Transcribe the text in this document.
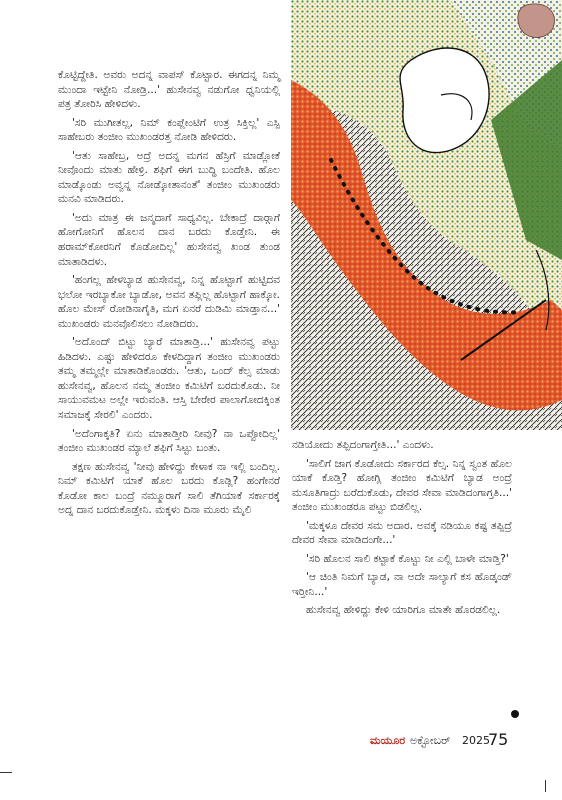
ಕೊಟ್ಟಿದ್ದೇತಿ. ಅವರು ಅದನ್ನ ವಾಪಸ್‌ ಕೊಟ್ಟಾರ. ಈಗದನ್ನ ನಿಮ್ಮ ಮುಂದಾ ಇಟ್ಟೇನಿ ನೋಡ್ರಿ...' ಹುಸೇನವ್ವ ನಡುಗೋ ಧ್ವನಿಯಲ್ಲಿ ಪತ್ರ ತೋರಿಸಿ ಹೇಳಿದಳು.

'ಸರಿ ಮುಗೀತಲ್ಲ, ನಿಮ್‌ ಕಂಪ್ಲೇಂಟಿಗೆ ಉತ್ರ ಸಿಕ್ತಿಲ್ಲ' ಎಸ್ಪಿ ಸಾಹೇಬರು ತಂಜೀಂ ಮುಖಂಡರತ್ತ ನೋಡಿ ಹೇಳಿದರು.

'ಆತು ಸಾಹೇಬ್ರ, ಅದ್ರೆ ಅದನ್ನ ಮಗನ ಹೆಸ್ರಿಗೆ ಮಾಡ್ಲೋಕೆ ನೀವೊಂದು ಮಾತು ಹೇಳ್ರಿ. ಶಫಿಗೆ ಈಗ ಬುದ್ಧಿ ಬಂದೇತಿ. ಹೊಲ ಮಾಡ್ಕೊಂಡು ಅವ್ವನ್ನ ನೋಡ್ಕೋತಾನಂತೆ' ತಂಜೀಂ ಮುಖಂಡರು ಮನವಿ ಮಾಡಿದರು.

'ಅದು ಮಾತ್ರ ಈ ಜನ್ಮದಾಗೆ ಸಾಧ್ಯವಿಲ್ಲ. ಬೇಕಾದ್ರೆ ದಾರ್‍ಗಾಗೆ ಹೋಗೋನಿಗೆ ಹೊಲನ ದಾನ ಬರದು ಕೊಡ್ತೇನಿ. ಈ ಹರಾಮ್‌ಕೋರನಿಗೆ ಕೊಡೋದಿಲ್ಲ' ಹುಸೇನವ್ವ ಖಂಡ ತುಂಡ ಮಾತಾಡಿದಳು.

'ಹಂಗಲ್ಲ ಹೇಳಬ್ಯಾಡ ಹುಸೇನವ್ವ, ನಿನ್ನ ಹೊಟ್ಟಾಗೆ ಹುಟ್ಟಿದವ ಭಲೋ ಇರಬ್ಯಾಕೋ ಬ್ಯಾಡೋ, ಅವನ ತಪ್ಲಿಲ್ಲ ಹೊಟ್ಟಾಗೆ ಹಾಕ್ಕೋ. ಹೊಲ ಮೇಸ್‌ ರೋಡಿನಾಗೈತಿ, ಮಗ ಏನರೆ ದುಡಿಮಿ ಮಾಡ್ತಾನ...' ಮುಖಂಡರು ಮನವೊಲಿಸಲು ನೋಡಿದರು.

'ಅದೊಂದ್‌ ಬಿಟ್ಟು ಬ್ಯಾರೆ ಮಾತಾಡ್ರಿ...' ಹುಸೇನವ್ವ ಪಟ್ಟು ಹಿಡಿದಳು. ಎಷ್ಟು ಹೇಳಿದರೂ ಕೇಳದಿದ್ದಾಗ ತಂಜೀಂ ಮುಖಂಡರು ತಮ್ಮ ತಮ್ಮಲ್ಲೇ ಮಾತಾಡಿಕೊಂಡರು. 'ಆತು, ಒಂದ್‌ ಕೆಲ್ಸ ಮಾಡು ಹುಸೇನವ್ವ, ಹೊಲನ ನಮ್ಮ ತಂಜೀಂ ಕಮಿಟಿಗೆ ಬರದುಕೊಡು. ನೀ ಸಾಯುವಮಟ ಅಲ್ಲೇ ಇರುವಂತಿ. ಆಸ್ತಿ ಬೇರೇರ ಪಾಲಾಗೋದಕ್ಕಿಂತ ಸಮಾಜಕ್ಕೆ ಸೇರಲಿ' ಎಂದರು.

'ಅದೆಂಗಾಕ್ಕತಿ? ಏನು ಮಾತಾಡ್ತೀರಿ ನೀವು? ನಾ ಒಪ್ಪೋದಿಲ್ಲ' ತಂಜೀಂ ಮುಖಂಡರ ಮ್ಯಾಲೆ ಶಫಿಗೆ ಸಿಟ್ಟು ಬಂತು.

ತಕ್ಷಣ ಹುಸೇನವ್ವ 'ನೀವು ಹೇಳಿದ್ದು ಕೇಳಾಕ ನಾ ಇಲ್ಲಿ ಬಂದಿಲ್ಲ. ನಿಮ್‌ ಕಮಿಟಿಗೆ ಯಾಕೆ ಹೊಲ ಬರದು ಕೊಡ್ಲಿ? ಹಂಗೇನರೆ ಕೊಡೋ ಕಾಲ ಬಂದ್ರೆ ನಮ್ಮೂರಾಗೆ ಸಾಲಿ ತೆಗಿಯಾಕೆ ಸರ್ಕಾರಕ್ಕೆ ಅದ್ನ ದಾನ ಬರದುಕೊಡ್ತೇನಿ. ಮಕ್ಕಳು ದಿನಾ ಮೂರು ಮೈಲಿ

ನಡಿಯೋದು ತಪ್ಪಿದಂಗಾಗ್ತೇತಿ...' ಎಂದಳು.

'ಸಾಲಿಗೆ ಜಾಗ ಕೊಡೋದು ಸರ್ಕಾರದ ಕೆಲ್ಸ. ನಿನ್ನ ಸ್ವಂತ ಹೊಲ ಯಾಕೆ ಕೊಡ್ತಿ? ಹೋಗ್ಲಿ ತಂಜೀಂ ಕಮಿಟಿಗೆ ಬ್ಯಾಡ ಅಂದ್ರೆ ಮಸೂತಿಗಾದ್ರು ಬರೆದುಕೊಡು, ದೇವರ ಸೇವಾ ಮಾಡಿದಂಗಾಗ್ತತಿ...' ತಂಜೀಂ ಮುಖಂಡರೂ ಪಟ್ಟು ಬಿಡಲಿಲ್ಲ.

'ಮಕ್ಕಳೂ ದೇವರ ಸಮ ಅದಾರ. ಅವಕ್ಕೆ ನಡಿಯೂ ಕಷ್ಟ ತಪ್ಪಿದ್ರೆ ದೇವರ ಸೇವಾ ಮಾಡಿದಂಗೇ...'

'ಸರಿ ಹೊಲನ ಸಾಲಿ ಕಟ್ಟಾಕೆ ಕೊಟ್ಟು ನೀ ಎಲ್ಲಿ ಬಾಳೇ ಮಾಡ್ತಿ?'

'ಆ ಚಿಂತಿ ನಿಮಗೆ ಬ್ಯಾಡ, ನಾ ಅದೇ ಸಾಲ್ಯಾಗೆ ಕಸ ಹೊಡ್ಕಂಡ್‌ ಇರ್‍ತೀನಿ...'

ಹುಸೇನವ್ವ ಹೇಳಿದ್ದು ಕೇಳಿ ಯಾರಿಗೂ ಮಾತೇ ಹೊರಡಲಿಲ್ಲ.

ಮಯೂರ ಅಕ್ಟೋಬರ್ 2025
75
